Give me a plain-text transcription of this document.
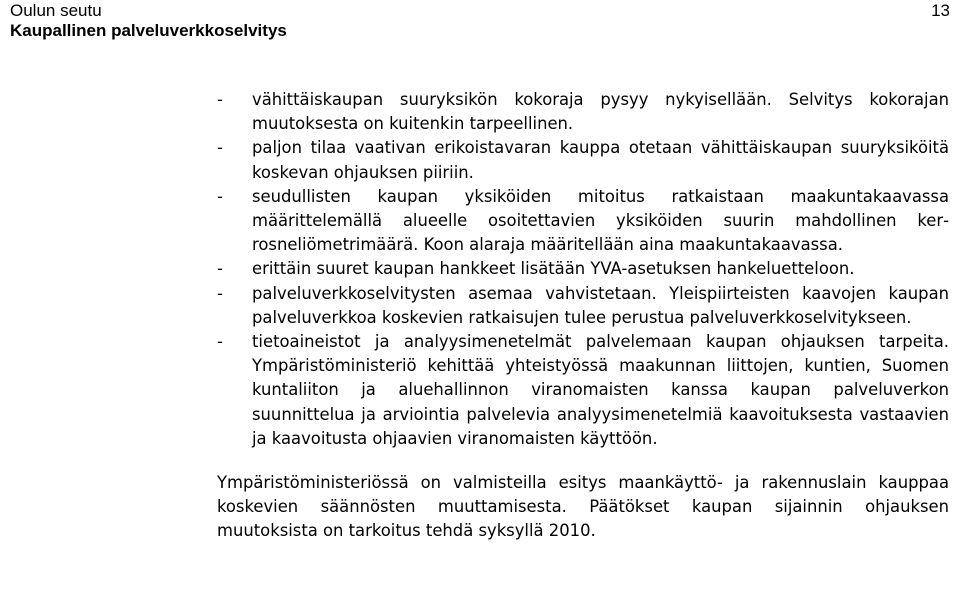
Oulun seutu
Kaupallinen palveluverkkoselvitys
13
- vähittäiskaupan suuryksikön kokoraja pysyy nykyisellään. Selvitys kokorajan muutoksesta on kuitenkin tarpeellinen.
- paljon tilaa vaativan erikoistavaran kauppa otetaan vähittäiskaupan suuryksiköitä koskevan ohjauksen piiriin.
- seudullisten kaupan yksiköiden mitoitus ratkaistaan maakuntakaavassa määrittelemällä alueelle osoitettavien yksiköiden suurin mahdollinen kerrosneliömetrimäärä. Koon alaraja määritellään aina maakuntakaavassa.
- erittäin suuret kaupan hankkeet lisätään YVA-asetuksen hankeluetteloon.
- palveluverkkoselvitysten asemaa vahvistetaan. Yleispiirteisten kaavojen kaupan palveluverkkoa koskevien ratkaisujen tulee perustua palveluverkkoselvitykseen.
- tietoaineistot ja analyysimenetelmät palvelemaan kaupan ohjauksen tarpeita. Ympäristöministeriö kehittää yhteistyössä maakunnan liittojen, kuntien, Suomen kuntaliiton ja aluehallinnon viranomaisten kanssa kaupan palveluverkon suunnittelua ja arviointia palvelevia analyysimenetelmiä kaavoituksesta vastaavien ja kaavoitusta ohjaavien viranomaisten käyttöön.

Ympäristöministeriössä on valmisteilla esitys maankäyttö- ja rakennuslain kauppaa koskevien säännösten muuttamisesta. Päätökset kaupan sijainnin ohjauksen muutoksista on tarkoitus tehdä syksyllä 2010.
